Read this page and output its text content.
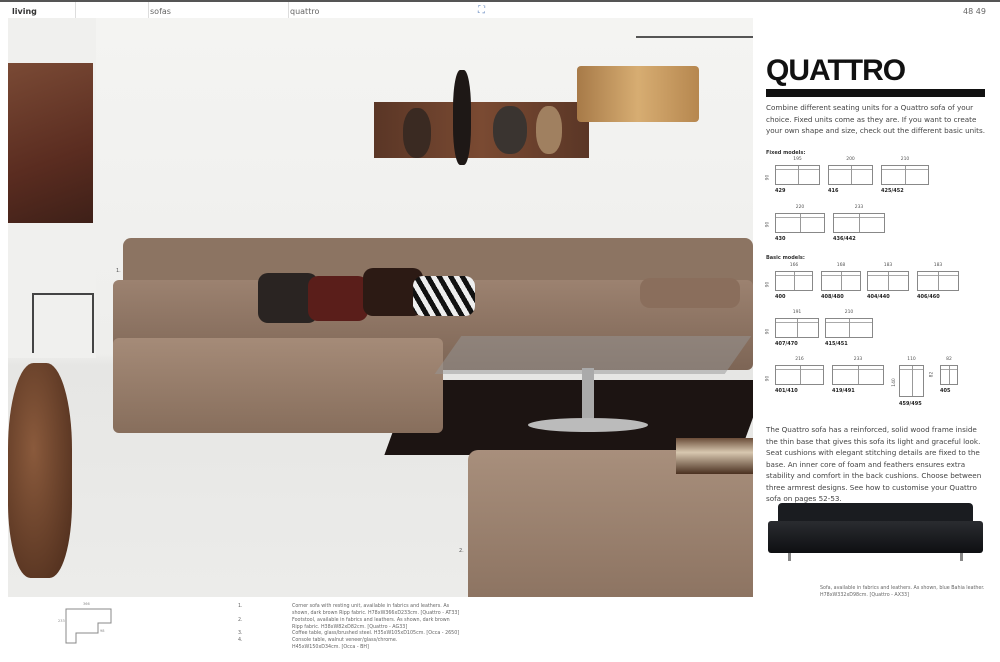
living	sofas	quattro	⛶	48 49
1.
2.
QUATTRO
Combine different seating units for a Quattro sofa of your choice. Fixed units come as they are. If you want to create your own shape and size, check out the different basic units.
Fixed models:
195
429
200
416
210
425/452
220
430
233
436/442
Basic models:
166
400
168
408/480
183
404/440
183
406/460
191
407/470
210
415/451
216
401/410
233
419/491
110
459/495
82
405
90
90
90
90
90	140
82
The Quattro sofa has a reinforced, solid wood frame inside the thin base that gives this sofa its light and graceful look. Seat cushions with elegant stitching details are fixed to the base. An inner core of foam and feathers ensures extra stability and comfort in the back cushions. Choose between three armrest designs. See how to customise your Quattro sofa on pages 52-53.
Sofa, available in fabrics and leathers. As shown, blue Bahia leather. H78xW332xD98cm. [Quattro - AX33]
366
233
98
1.	Corner sofa with resting unit, available in fabrics and leathers. As shown, dark brown Ripp fabric. H78xW366xD233cm. [Quattro - AT33]
2.	Footstool, available in fabrics and leathers. As shown, dark brown Ripp fabric. H38xW82xD82cm. [Quattro - AG33]
3.	Coffee table, glass/brushed steel. H35xW105xD105cm. [Occa - 2650]
4.	Console table, walnut veneer/glass/chrome. H45xW150xD34cm. [Occa - BH]
